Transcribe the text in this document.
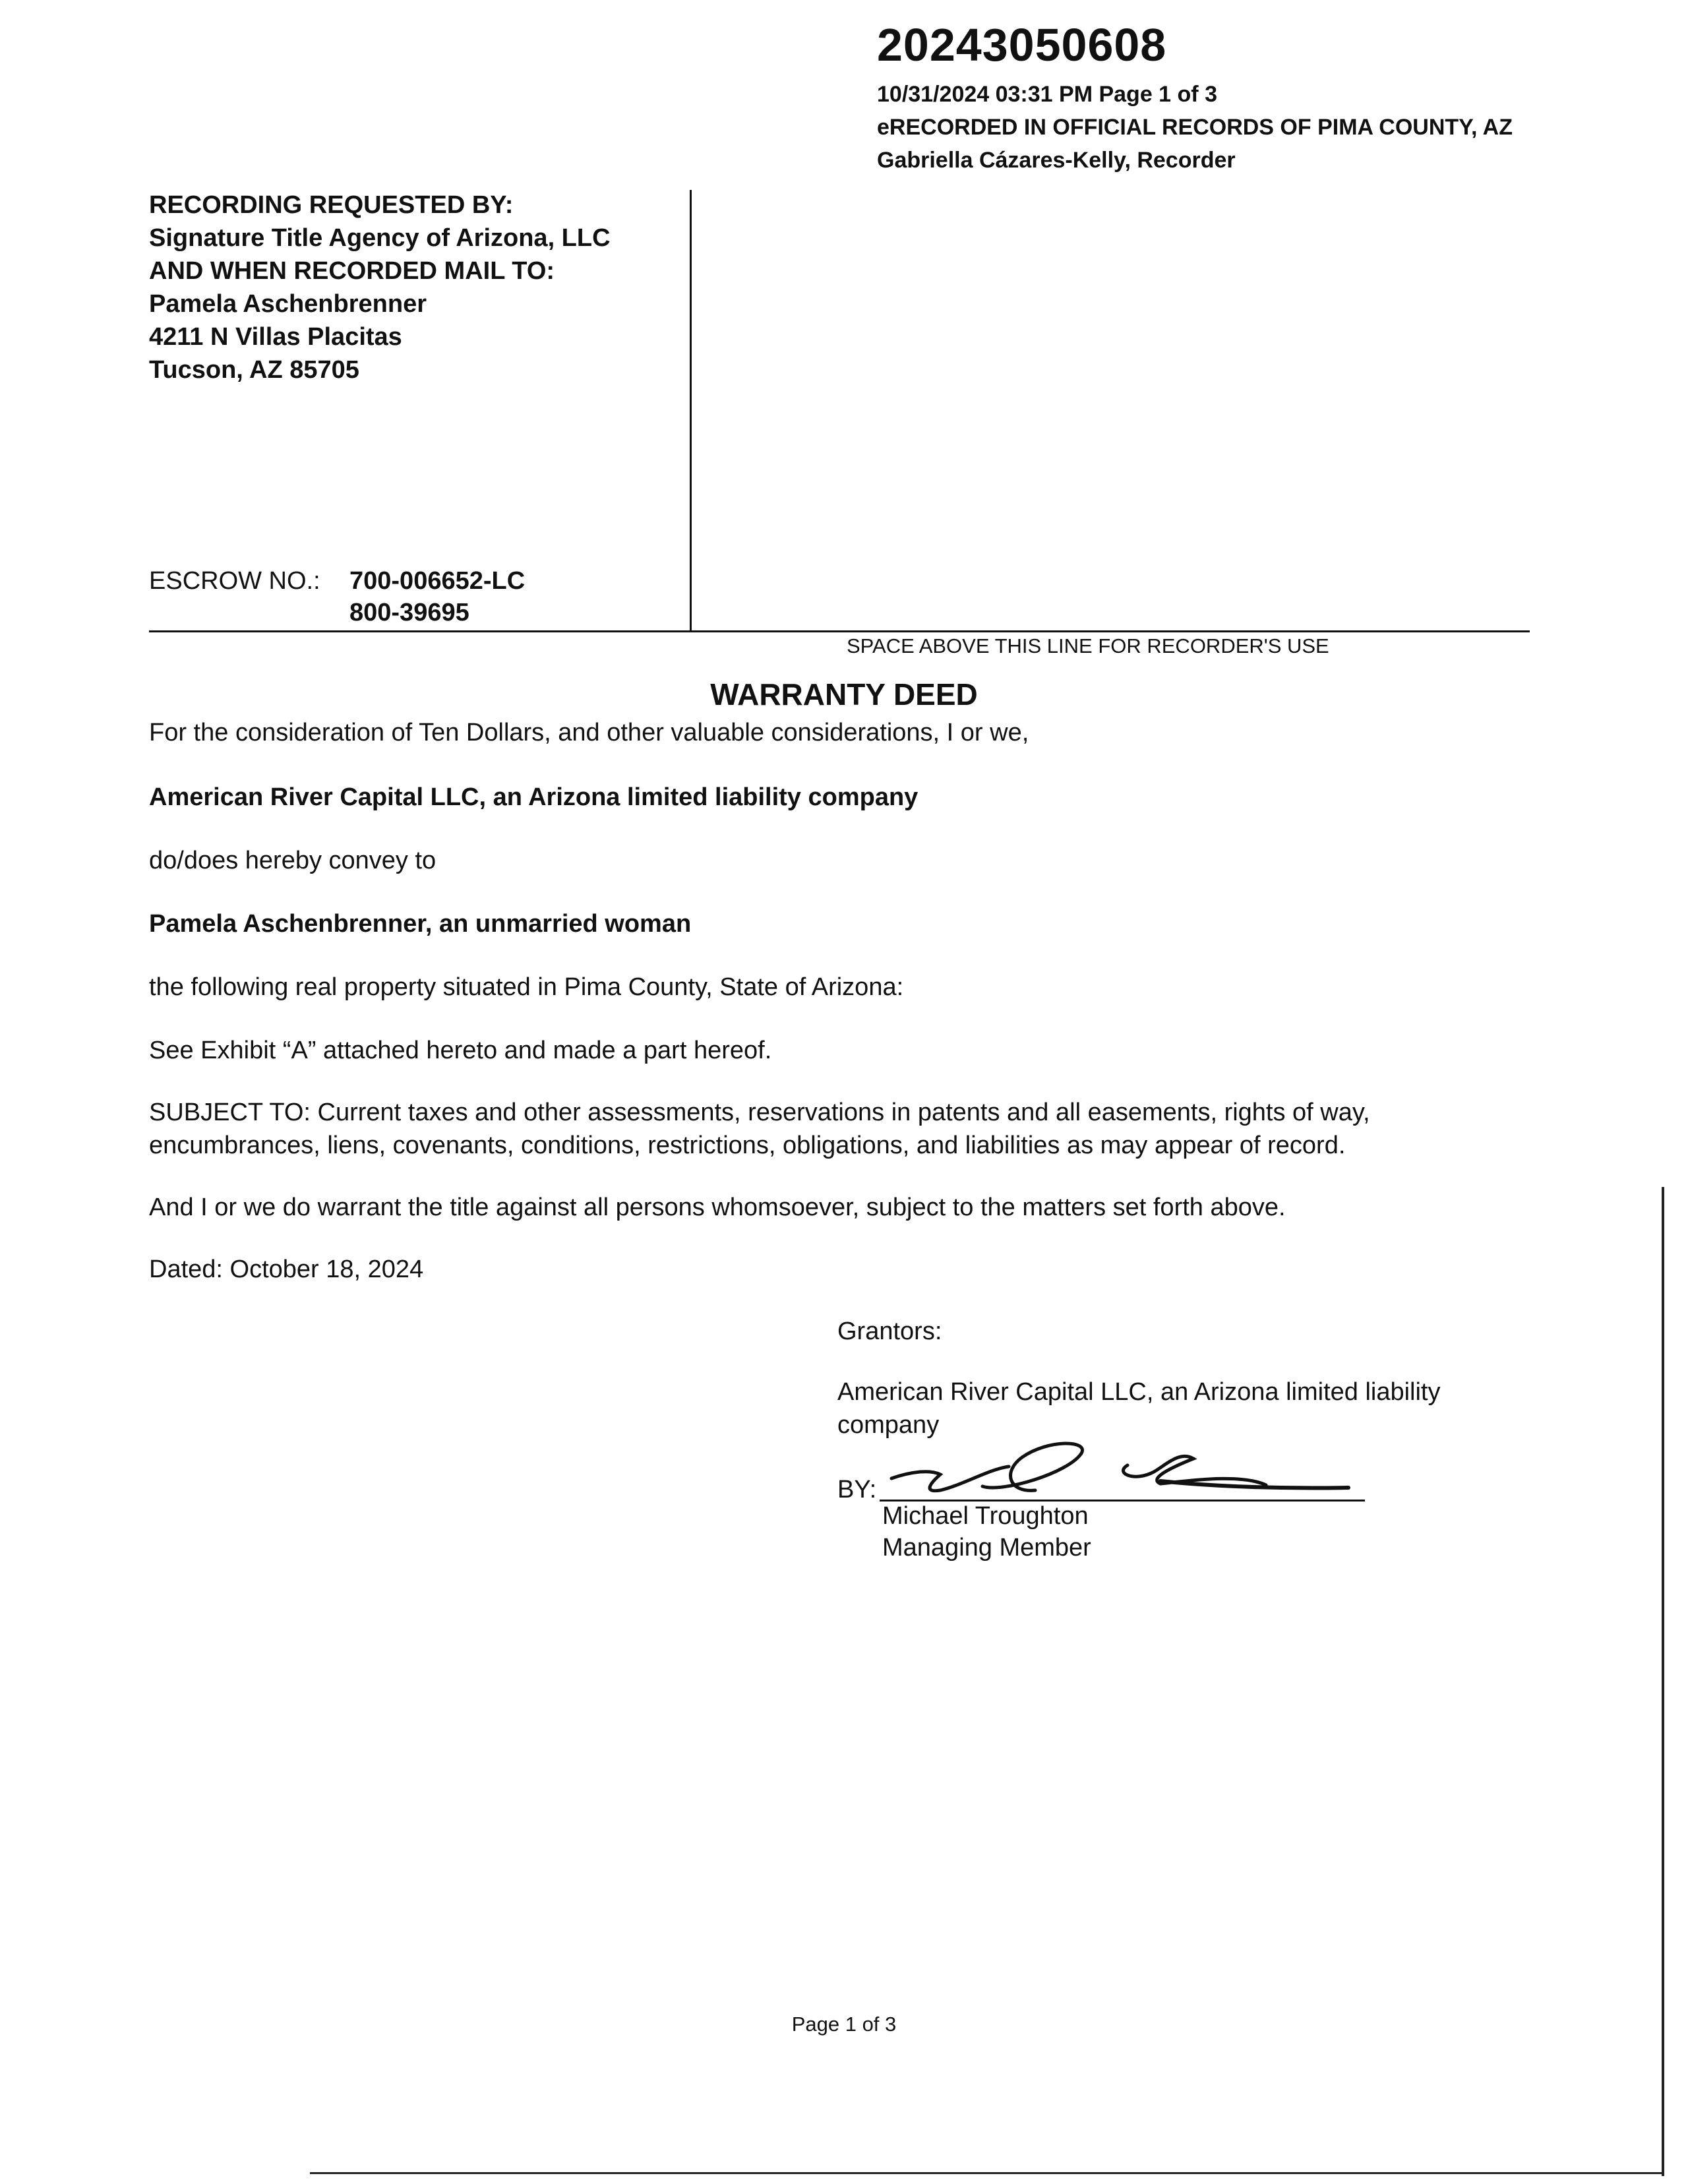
20243050608
10/31/2024 03:31 PM Page 1 of 3
eRECORDED IN OFFICIAL RECORDS OF PIMA COUNTY, AZ
Gabriella Cázares-Kelly, Recorder
RECORDING REQUESTED BY:
Signature Title Agency of Arizona, LLC
AND WHEN RECORDED MAIL TO:
Pamela Aschenbrenner
4211 N Villas Placitas
Tucson, AZ 85705
ESCROW NO.: 700-006652-LC
800-39695
SPACE ABOVE THIS LINE FOR RECORDER'S USE
WARRANTY DEED
For the consideration of Ten Dollars, and other valuable considerations, I or we,
American River Capital LLC, an Arizona limited liability company
do/does hereby convey to
Pamela Aschenbrenner, an unmarried woman
the following real property situated in Pima County, State of Arizona:
See Exhibit “A” attached hereto and made a part hereof.
SUBJECT TO: Current taxes and other assessments, reservations in patents and all easements, rights of way, encumbrances, liens, covenants, conditions, restrictions, obligations, and liabilities as may appear of record.
And I or we do warrant the title against all persons whomsoever, subject to the matters set forth above.
Dated: October 18, 2024
Grantors:
American River Capital LLC, an Arizona limited liability company
BY:
Michael Troughton
Managing Member
Page 1 of 3
